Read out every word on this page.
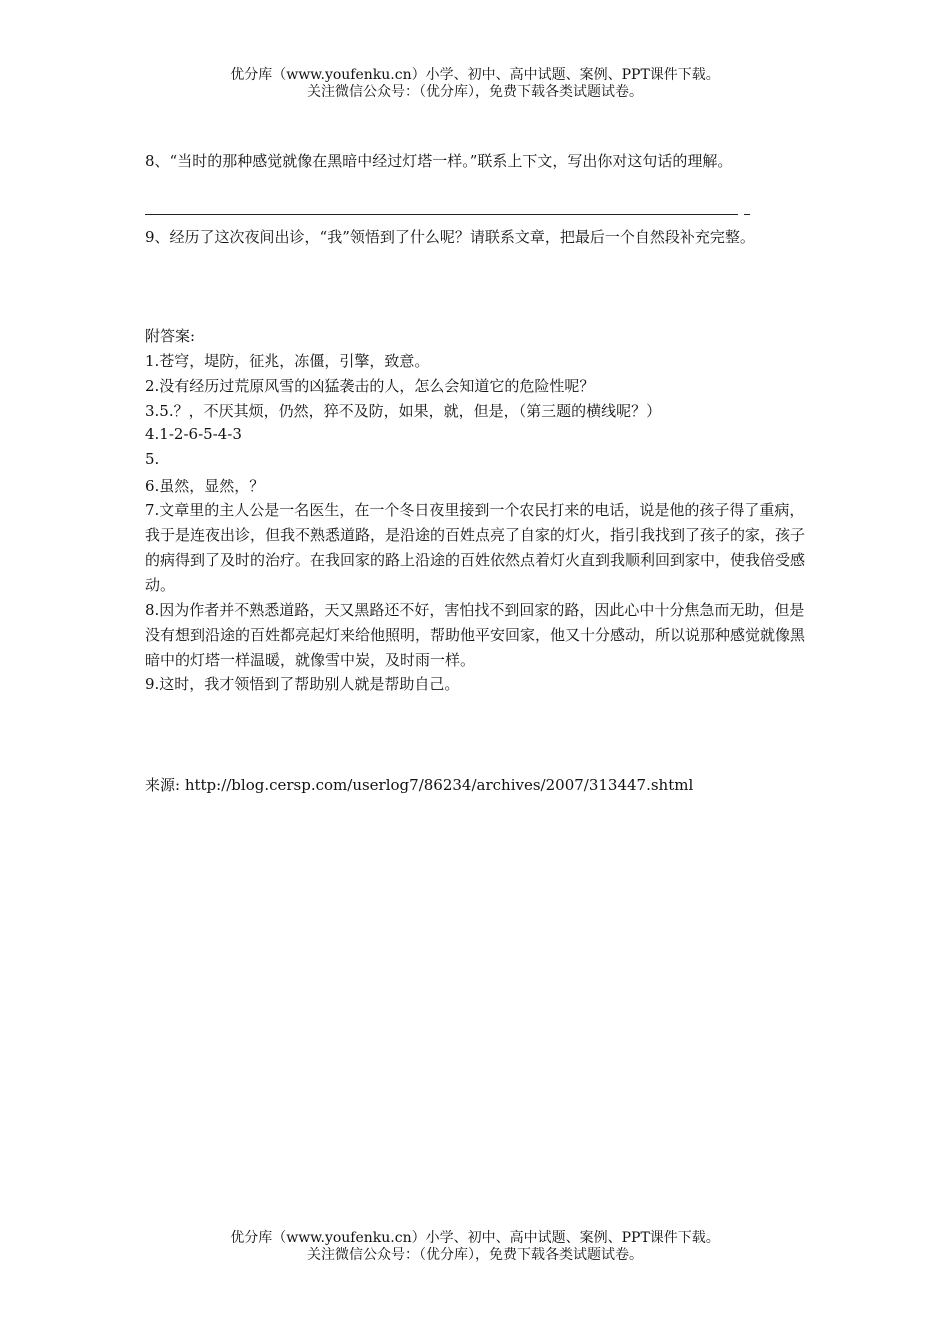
优分库（www.youfenku.cn）小学、初中、高中试题、案例、PPT课件下载。
关注微信公众号：（优分库），免费下载各类试题试卷。
8、“当时的那种感觉就像在黑暗中经过灯塔一样。”联系上下文，写出你对这句话的理解。
9、经历了这次夜间出诊，“我”领悟到了什么呢？请联系文章，把最后一个自然段补充完整。
附答案:
1.苍穹，堤防，征兆，冻僵，引擎，致意。
2.没有经历过荒原风雪的凶猛袭击的人，怎么会知道它的危险性呢？
3.5.？，不厌其烦，仍然，猝不及防，如果，就，但是，（第三题的横线呢？）
4.1-2-6-5-4-3
5.
6.虽然，显然，？
7.文章里的主人公是一名医生，在一个冬日夜里接到一个农民打来的电话，说是他的孩子得了重病，我于是连夜出诊，但我不熟悉道路，是沿途的百姓点亮了自家的灯火，指引我找到了孩子的家，孩子的病得到了及时的治疗。在我回家的路上沿途的百姓依然点着灯火直到我顺利回到家中，使我倍受感动。
8.因为作者并不熟悉道路，天又黑路还不好，害怕找不到回家的路，因此心中十分焦急而无助，但是没有想到沿途的百姓都亮起灯来给他照明，帮助他平安回家，他又十分感动，所以说那种感觉就像黑暗中的灯塔一样温暖，就像雪中炭，及时雨一样。
9.这时，我才领悟到了帮助别人就是帮助自己。
来源: http://blog.cersp.com/userlog7/86234/archives/2007/313447.shtml
优分库（www.youfenku.cn）小学、初中、高中试题、案例、PPT课件下载。
关注微信公众号：（优分库），免费下载各类试题试卷。
